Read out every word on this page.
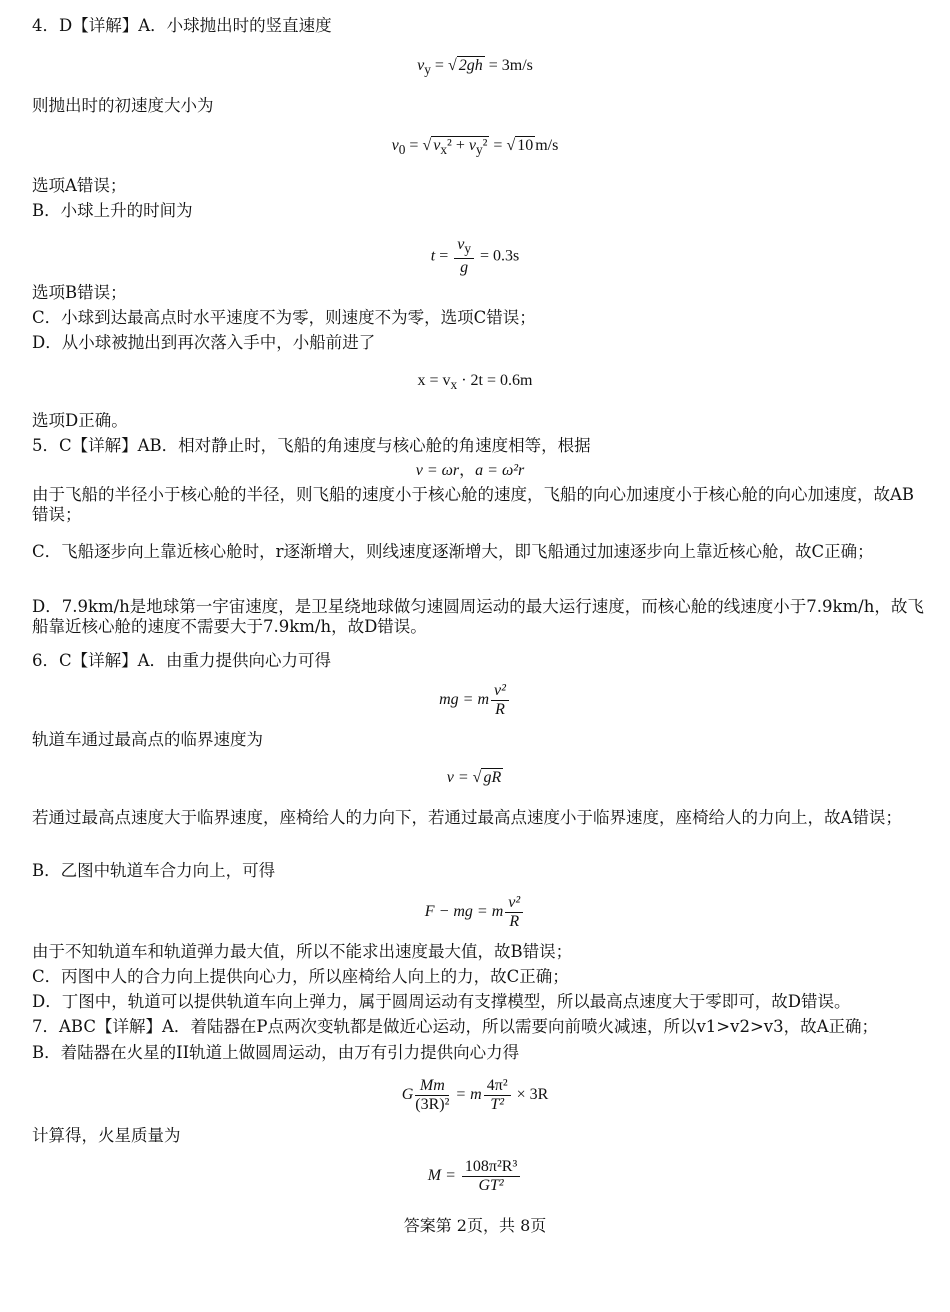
4．D【详解】A．小球抛出时的竖直速度
$v_y$ = √ 2gh = 3m/s
则抛出时的初速度大小为
$v_0$ = √ $v_x^2 + v_y^2$ = √ 10 m/s
选项A错误；
B．小球上升的时间为
$t = \frac{v_y}{g} = 0.3s$
选项B错误；
C．小球到达最高点时水平速度不为零，则速度不为零，选项C错误；
D．从小球被抛出到再次落入手中，小船前进了
$x = v_x \cdot 2t = 0.6m$
选项D正确。
5．C【详解】AB．相对静止时，飞船的角速度与核心舱的角速度相等，根据
v = ωr，a = ω²r
由于飞船的半径小于核心舱的半径，则飞船的速度小于核心舱的速度，飞船的向心加速度小于核心舱的向心加速度，故AB错误；
C．飞船逐步向上靠近核心舱时，r逐渐增大，则线速度逐渐增大，即飞船通过加速逐步向上靠近核心舱，故C正确；
D．7.9km/h是地球第一宇宙速度，是卫星绕地球做匀速圆周运动的最大运行速度，而核心舱的线速度小于7.9km/h，故飞船靠近核心舱的速度不需要大于7.9km/h，故D错误。
6．C【详解】A．由重力提供向心力可得
mg = m $\frac{\text{v²}}{R}$
轨道车通过最高点的临界速度为
v = √ gR
若通过最高点速度大于临界速度，座椅给人的力向下，若通过最高点速度小于临界速度，座椅给人的力向上，故A错误；
B．乙图中轨道车合力向上，可得
F − mg = m $\frac{\text{v²}}{R}$
由于不知轨道车和轨道弹力最大值，所以不能求出速度最大值，故B错误；
C．丙图中人的合力向上提供向心力，所以座椅给人向上的力，故C正确；
D．丁图中，轨道可以提供轨道车向上弹力，属于圆周运动有支撑模型，所以最高点速度大于零即可，故D错误。
7．ABC【详解】A．着陆器在P点两次变轨都是做近心运动，所以需要向前喷火减速，所以v1>v2>v3，故A正确；
B．着陆器在火星的II轨道上做圆周运动，由万有引力提供向心力得
G $\frac{Mm}{\text{(3R)²}} = m \frac{\text{4π²}}{\text{T²}} \times 3R$
计算得，火星质量为
$M = \frac{\text{108π²R³}}{\text{GT²}}$
答案第 2页，共 8页
